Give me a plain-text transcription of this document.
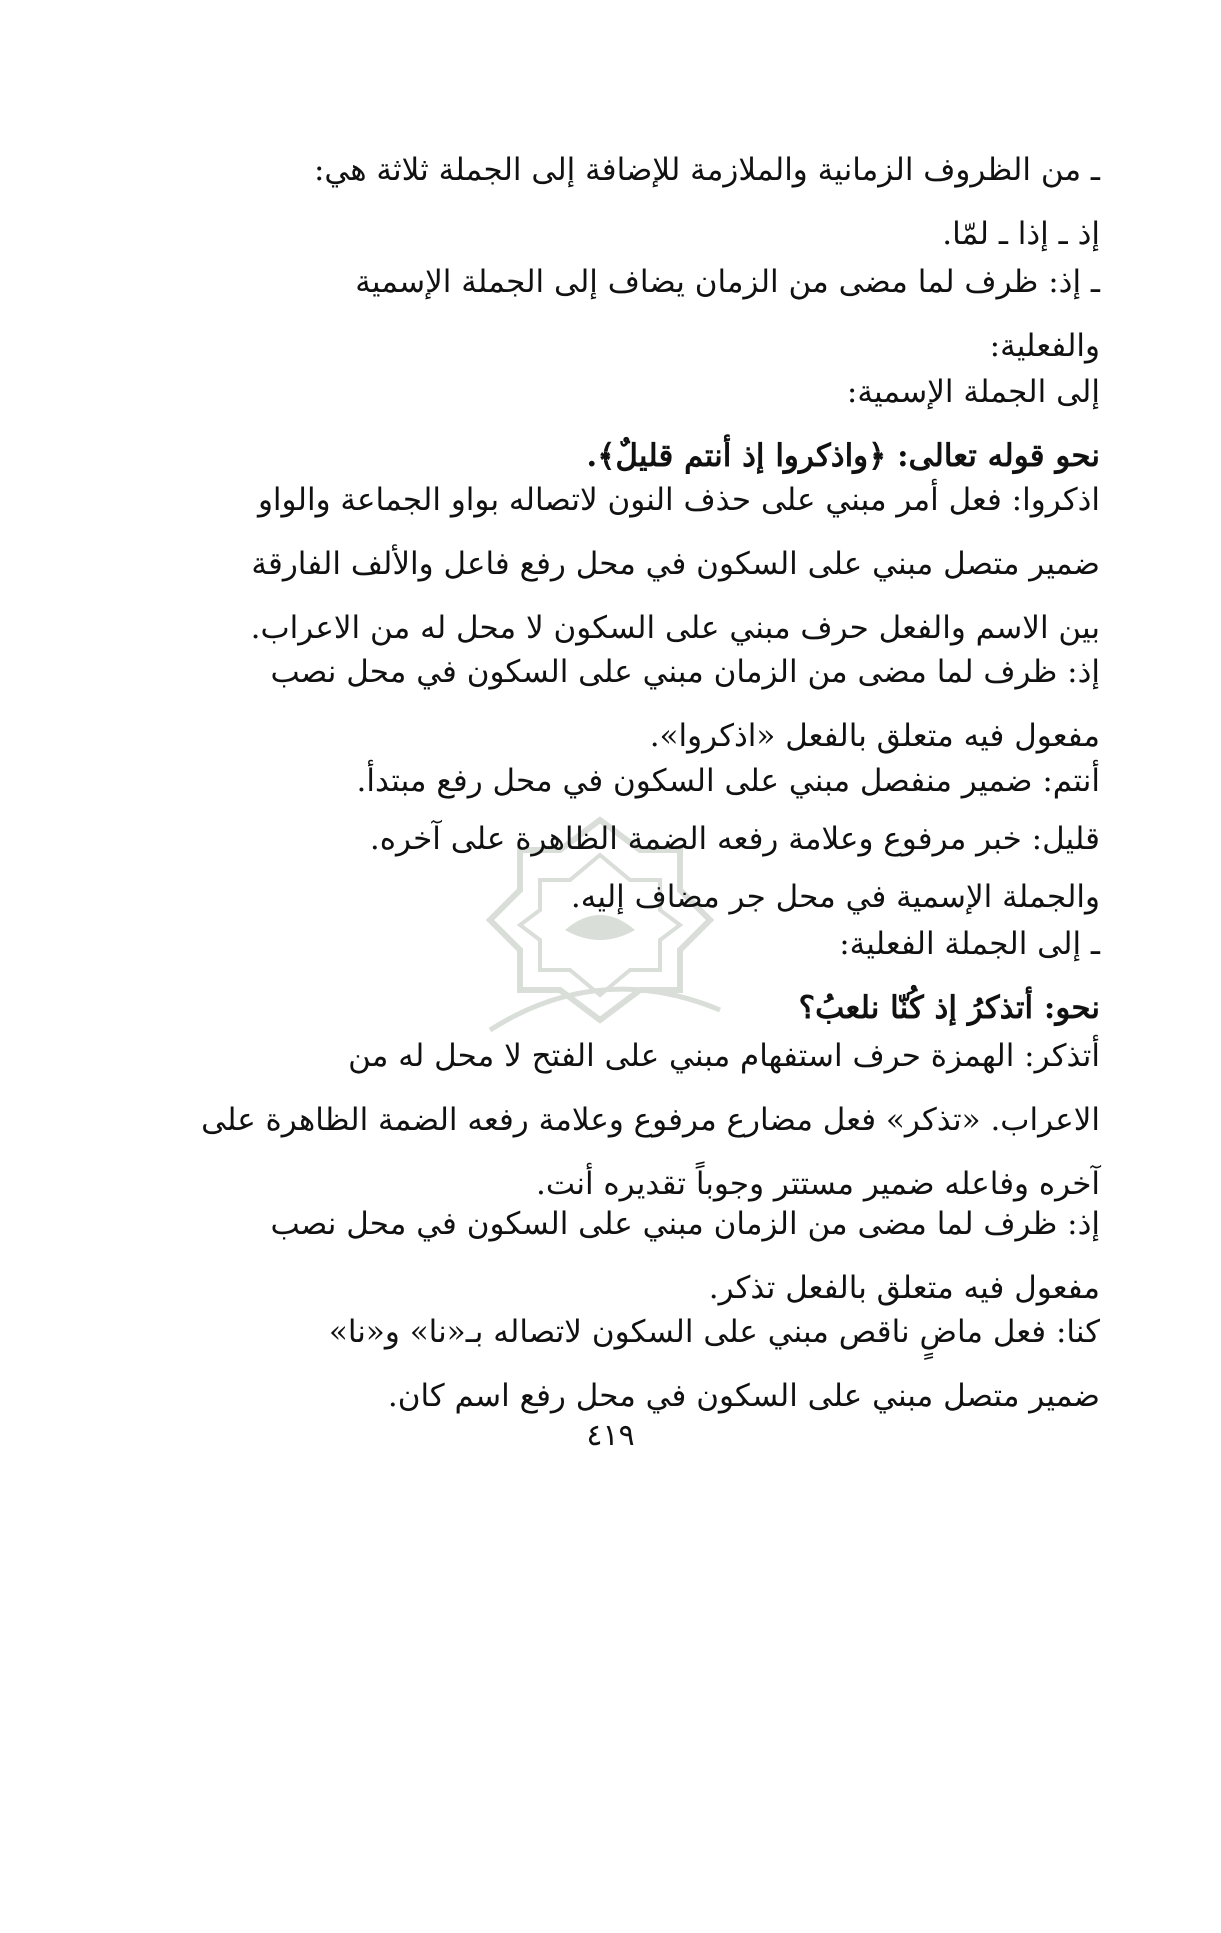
ـ من الظروف الزمانية والملازمة للإضافة إلى الجملة ثلاثة هي:
إذ ـ إذا ـ لمّا.
ـ إذ: ظرف لما مضى من الزمان يضاف إلى الجملة الإسمية
والفعلية:
إلى الجملة الإسمية:
نحو قوله تعالى: ﴿واذكروا إذ أنتم قليلٌ﴾.
اذكروا: فعل أمر مبني على حذف النون لاتصاله بواو الجماعة والواو
ضمير متصل مبني على السكون في محل رفع فاعل والألف الفارقة
بين الاسم والفعل حرف مبني على السكون لا محل له من الاعراب.
إذ: ظرف لما مضى من الزمان مبني على السكون في محل نصب
مفعول فيه متعلق بالفعل «اذكروا».
أنتم: ضمير منفصل مبني على السكون في محل رفع مبتدأ.
قليل: خبر مرفوع وعلامة رفعه الضمة الظاهرة على آخره.
والجملة الإسمية في محل جر مضاف إليه.
ـ إلى الجملة الفعلية:
نحو: أتذكرُ إذ كُنّا نلعبُ؟
أتذكر: الهمزة حرف استفهام مبني على الفتح لا محل له من
الاعراب. «تذكر» فعل مضارع مرفوع وعلامة رفعه الضمة الظاهرة على
آخره وفاعله ضمير مستتر وجوباً تقديره أنت.
إذ: ظرف لما مضى من الزمان مبني على السكون في محل نصب
مفعول فيه متعلق بالفعل تذكر.
كنا: فعل ماضٍ ناقص مبني على السكون لاتصاله بـ«نا» و«نا»
ضمير متصل مبني على السكون في محل رفع اسم كان.
٤١٩
